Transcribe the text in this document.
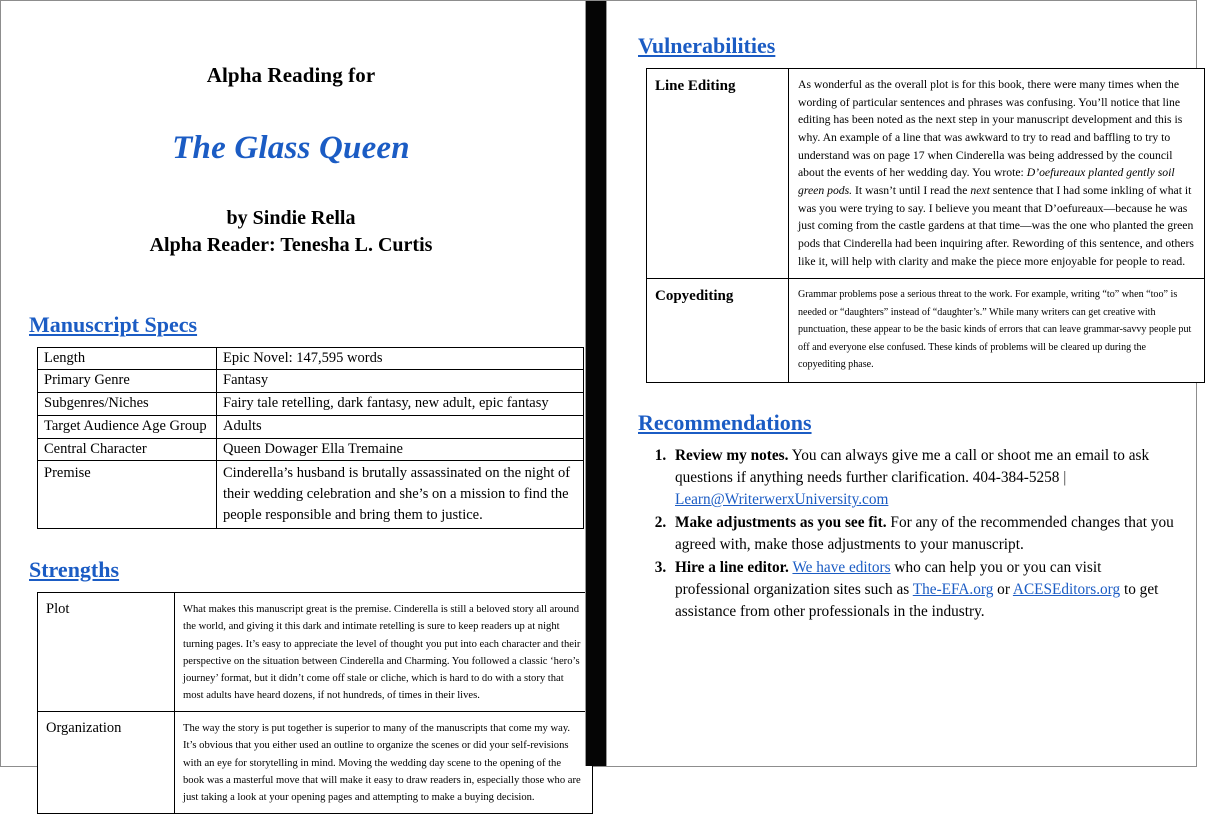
Alpha Reading for
The Glass Queen
by Sindie Rella
Alpha Reader: Tenesha L. Curtis
Manuscript Specs
Length	Epic Novel: 147,595 words
Primary Genre	Fantasy
Subgenres/Niches	Fairy tale retelling, dark fantasy, new adult, epic fantasy
Target Audience Age Group	Adults
Central Character	Queen Dowager Ella Tremaine
Premise	Cinderella’s husband is brutally assassinated on the night of their wedding celebration and she’s on a mission to find the people responsible and bring them to justice.
Strengths
Plot	What makes this manuscript great is the premise. Cinderella is still a beloved story all around the world, and giving it this dark and intimate retelling is sure to keep readers up at night turning pages. It’s easy to appreciate the level of thought you put into each character and their perspective on the situation between Cinderella and Charming. You followed a classic ‘hero’s journey’ format, but it didn’t come off stale or cliche, which is hard to do with a story that most adults have heard dozens, if not hundreds, of times in their lives.
Organization	The way the story is put together is superior to many of the manuscripts that come my way. It’s obvious that you either used an outline to organize the scenes or did your self-revisions with an eye for storytelling in mind. Moving the wedding day scene to the opening of the book was a masterful move that will make it easy to draw readers in, especially those who are just taking a look at your opening pages and attempting to make a buying decision.
Vulnerabilities
Line Editing	As wonderful as the overall plot is for this book, there were many times when the wording of particular sentences and phrases was confusing. You’ll notice that line editing has been noted as the next step in your manuscript development and this is why. An example of a line that was awkward to try to read and baffling to try to understand was on page 17 when Cinderella was being addressed by the council about the events of her wedding day. You wrote: D’oefureaux planted gently soil green pods. It wasn’t until I read the next sentence that I had some inkling of what it was you were trying to say. I believe you meant that D’oefureaux—because he was just coming from the castle gardens at that time—was the one who planted the green pods that Cinderella had been inquiring after. Rewording of this sentence, and others like it, will help with clarity and make the piece more enjoyable for people to read.
Copyediting	Grammar problems pose a serious threat to the work. For example, writing “to” when “too” is needed or “daughters” instead of “daughter’s.” While many writers can get creative with punctuation, these appear to be the basic kinds of errors that can leave grammar-savvy people put off and everyone else confused. These kinds of problems will be cleared up during the copyediting phase.
Recommendations
1. Review my notes. You can always give me a call or shoot me an email to ask questions if anything needs further clarification. 404-384-5258 | Learn@WriterwerxUniversity.com
2. Make adjustments as you see fit. For any of the recommended changes that you agreed with, make those adjustments to your manuscript.
3. Hire a line editor. We have editors who can help you or you can visit professional organization sites such as The-EFA.org or ACESEditors.org to get assistance from other professionals in the industry.
